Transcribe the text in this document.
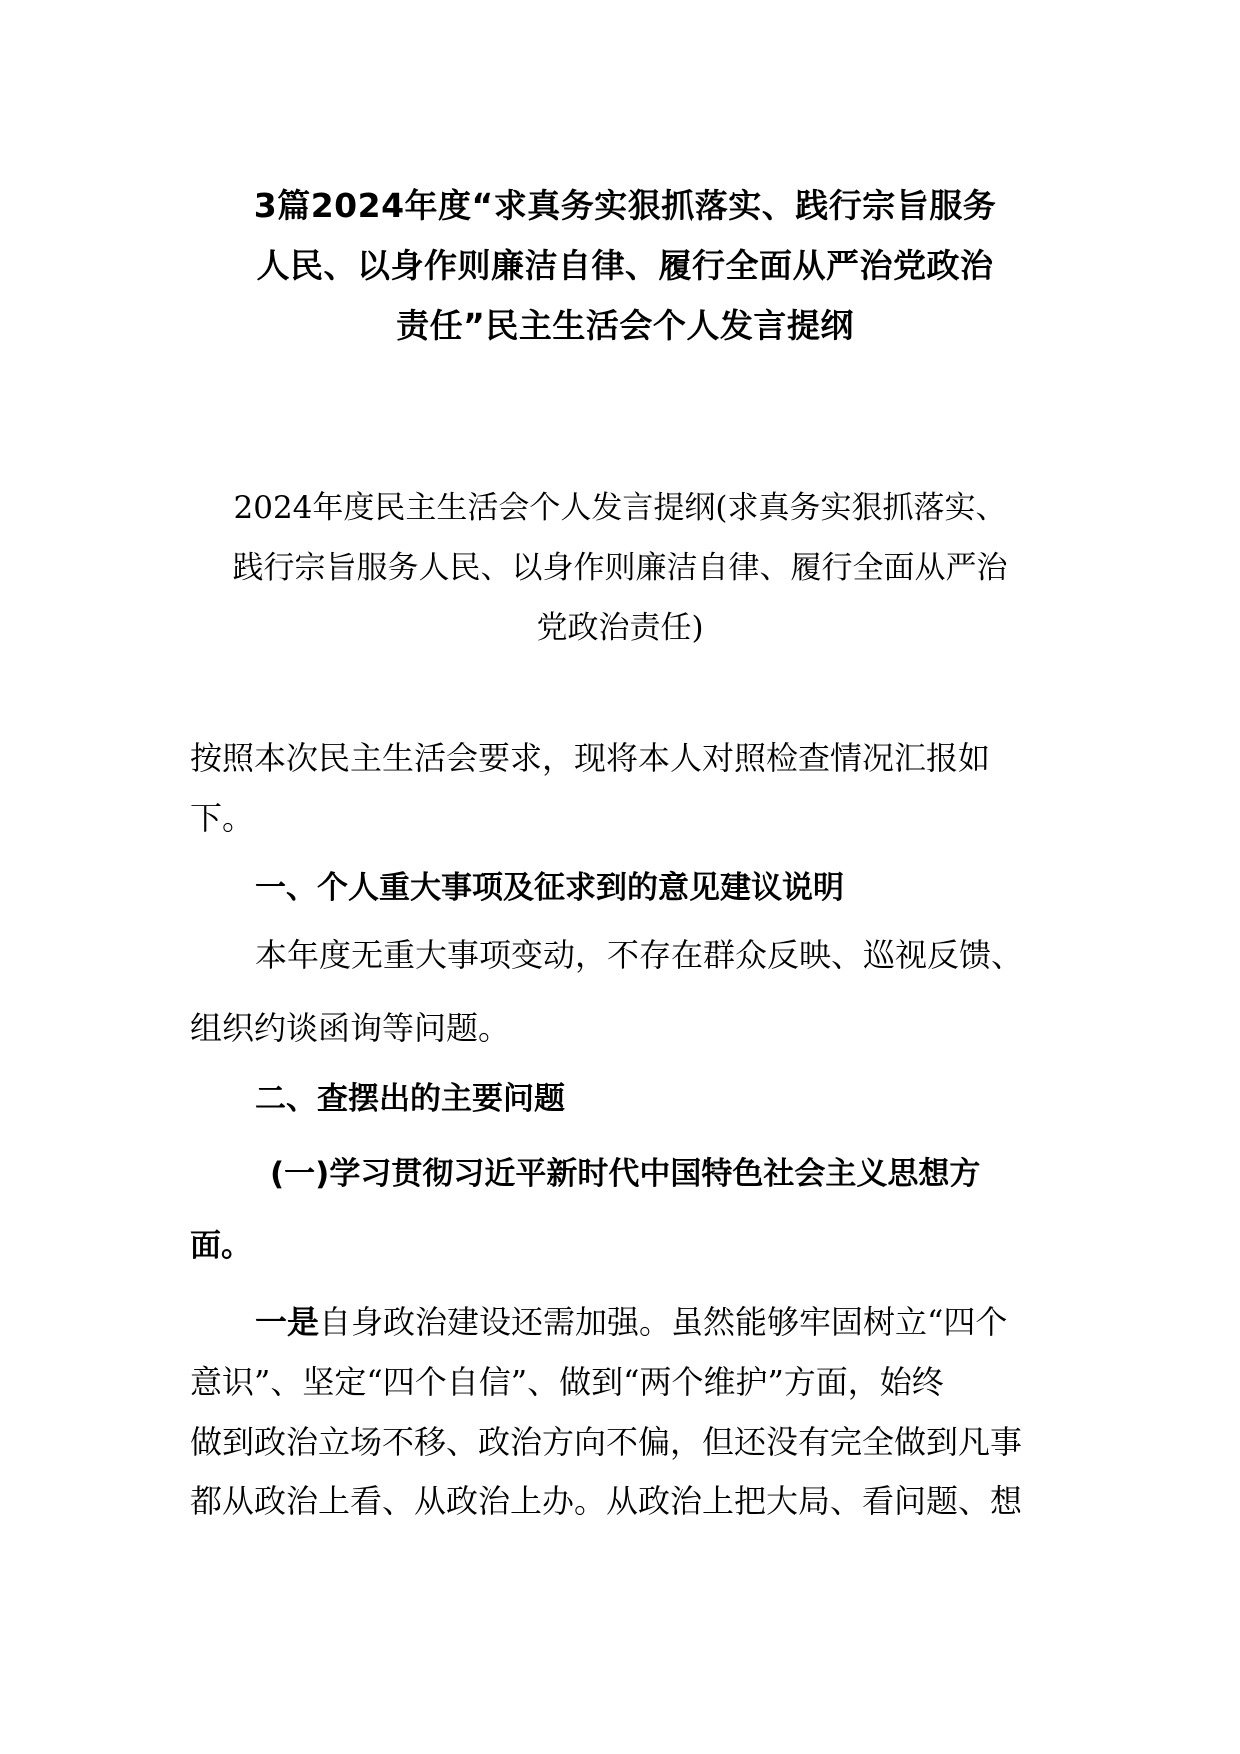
3篇2024年度“求真务实狠抓落实、践行宗旨服务
人民、以身作则廉洁自律、履行全面从严治党政治
责任”民主生活会个人发言提纲
2024年度民主生活会个人发言提纲(求真务实狠抓落实、
践行宗旨服务人民、以身作则廉洁自律、履行全面从严治
党政治责任)
按照本次民主生活会要求，现将本人对照检查情况汇报如
下。
一、个人重大事项及征求到的意见建议说明
本年度无重大事项变动，不存在群众反映、巡视反馈、
组织约谈函询等问题。
二、查摆出的主要问题
(一)学习贯彻习近平新时代中国特色社会主义思想方
面。
一是自身政治建设还需加强。虽然能够牢固树立“四个
意识”、坚定“四个自信”、做到“两个维护”方面，始终
做到政治立场不移、政治方向不偏，但还没有完全做到凡事
都从政治上看、从政治上办。从政治上把大局、看问题、想
